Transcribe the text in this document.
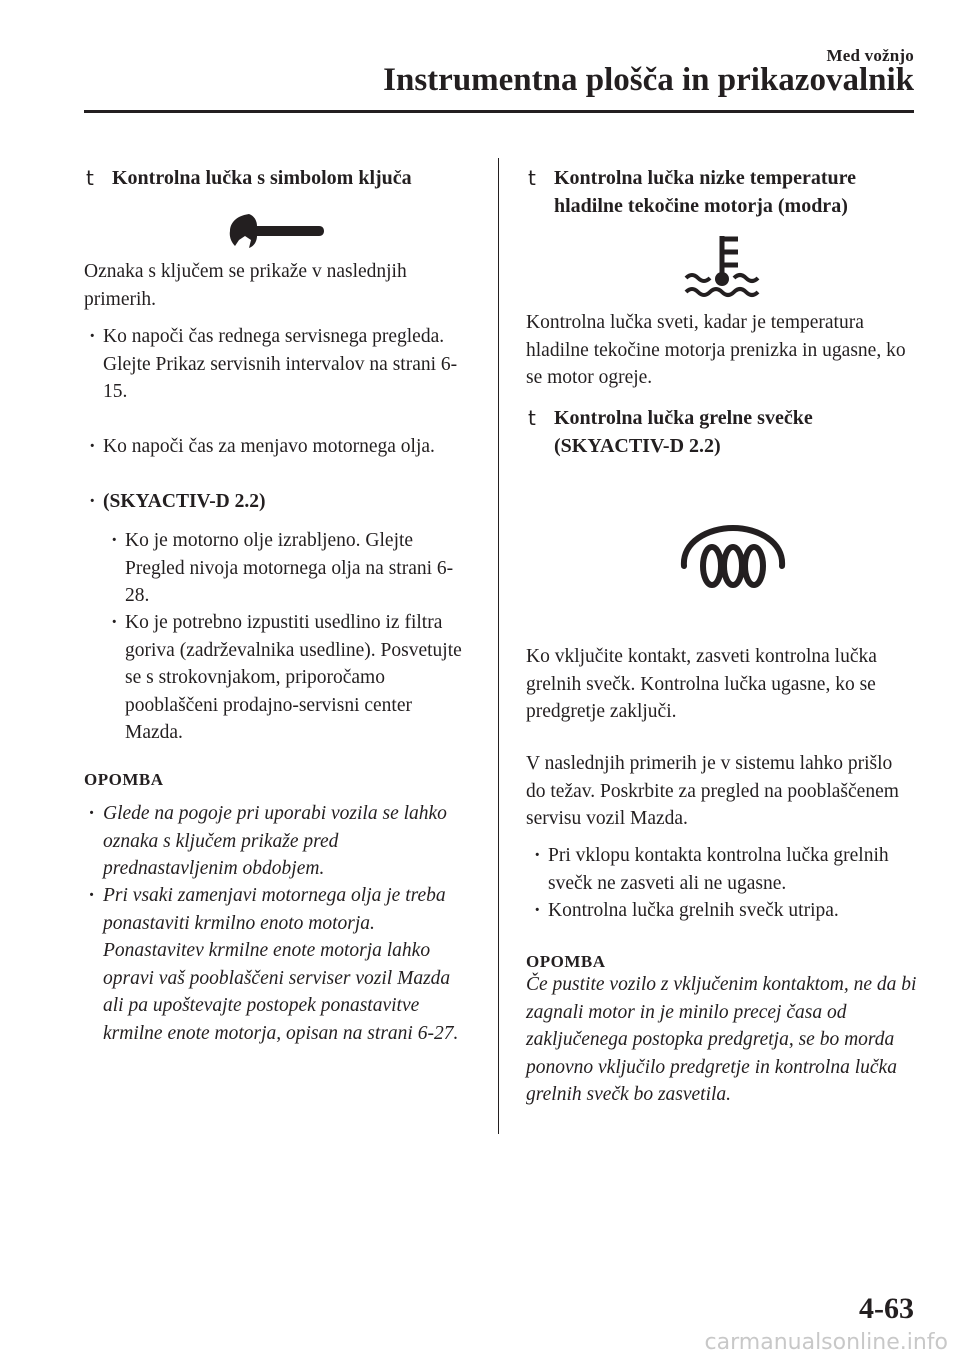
Med vožnjo
Instrumentna plošča in prikazovalnik
t Kontrolna lučka s simbolom ključa
Oznaka s ključem se prikaže v naslednjih primerih.
· Ko napoči čas rednega servisnega pregleda. Glejte Prikaz servisnih intervalov na strani 6-15.
· Ko napoči čas za menjavo motornega olja.
· (SKYACTIV-D 2.2)
· Ko je motorno olje izrabljeno. Glejte Pregled nivoja motornega olja na strani 6-28.
· Ko je potrebno izpustiti usedlino iz filtra goriva (zadrževalnika usedline). Posvetujte se s strokovnjakom, priporočamo pooblaščeni prodajno-servisni center Mazda.
OPOMBA
· Glede na pogoje pri uporabi vozila se lahko oznaka s ključem prikaže pred prednastavljenim obdobjem.
· Pri vsaki zamenjavi motornega olja je treba ponastaviti krmilno enoto motorja. Ponastavitev krmilne enote motorja lahko opravi vaš pooblaščeni serviser vozil Mazda ali pa upoštevajte postopek ponastavitve krmilne enote motorja, opisan na strani 6-27.
t Kontrolna lučka nizke temperature hladilne tekočine motorja (modra)
Kontrolna lučka sveti, kadar je temperatura hladilne tekočine motorja prenizka in ugasne, ko se motor ogreje.
t Kontrolna lučka grelne svečke (SKYACTIV-D 2.2)
Ko vključite kontakt, zasveti kontrolna lučka grelnih svečk. Kontrolna lučka ugasne, ko se predgretje zaključi.
V naslednjih primerih je v sistemu lahko prišlo do težav. Poskrbite za pregled na pooblaščenem servisu vozil Mazda.
· Pri vklopu kontakta kontrolna lučka grelnih svečk ne zasveti ali ne ugasne.
· Kontrolna lučka grelnih svečk utripa.
OPOMBA
Če pustite vozilo z vključenim kontaktom, ne da bi zagnali motor in je minilo precej časa od zaključenega postopka predgretja, se bo morda ponovno vključilo predgretje in kontrolna lučka grelnih svečk bo zasvetila.
4-63
carmanualsonline.info
